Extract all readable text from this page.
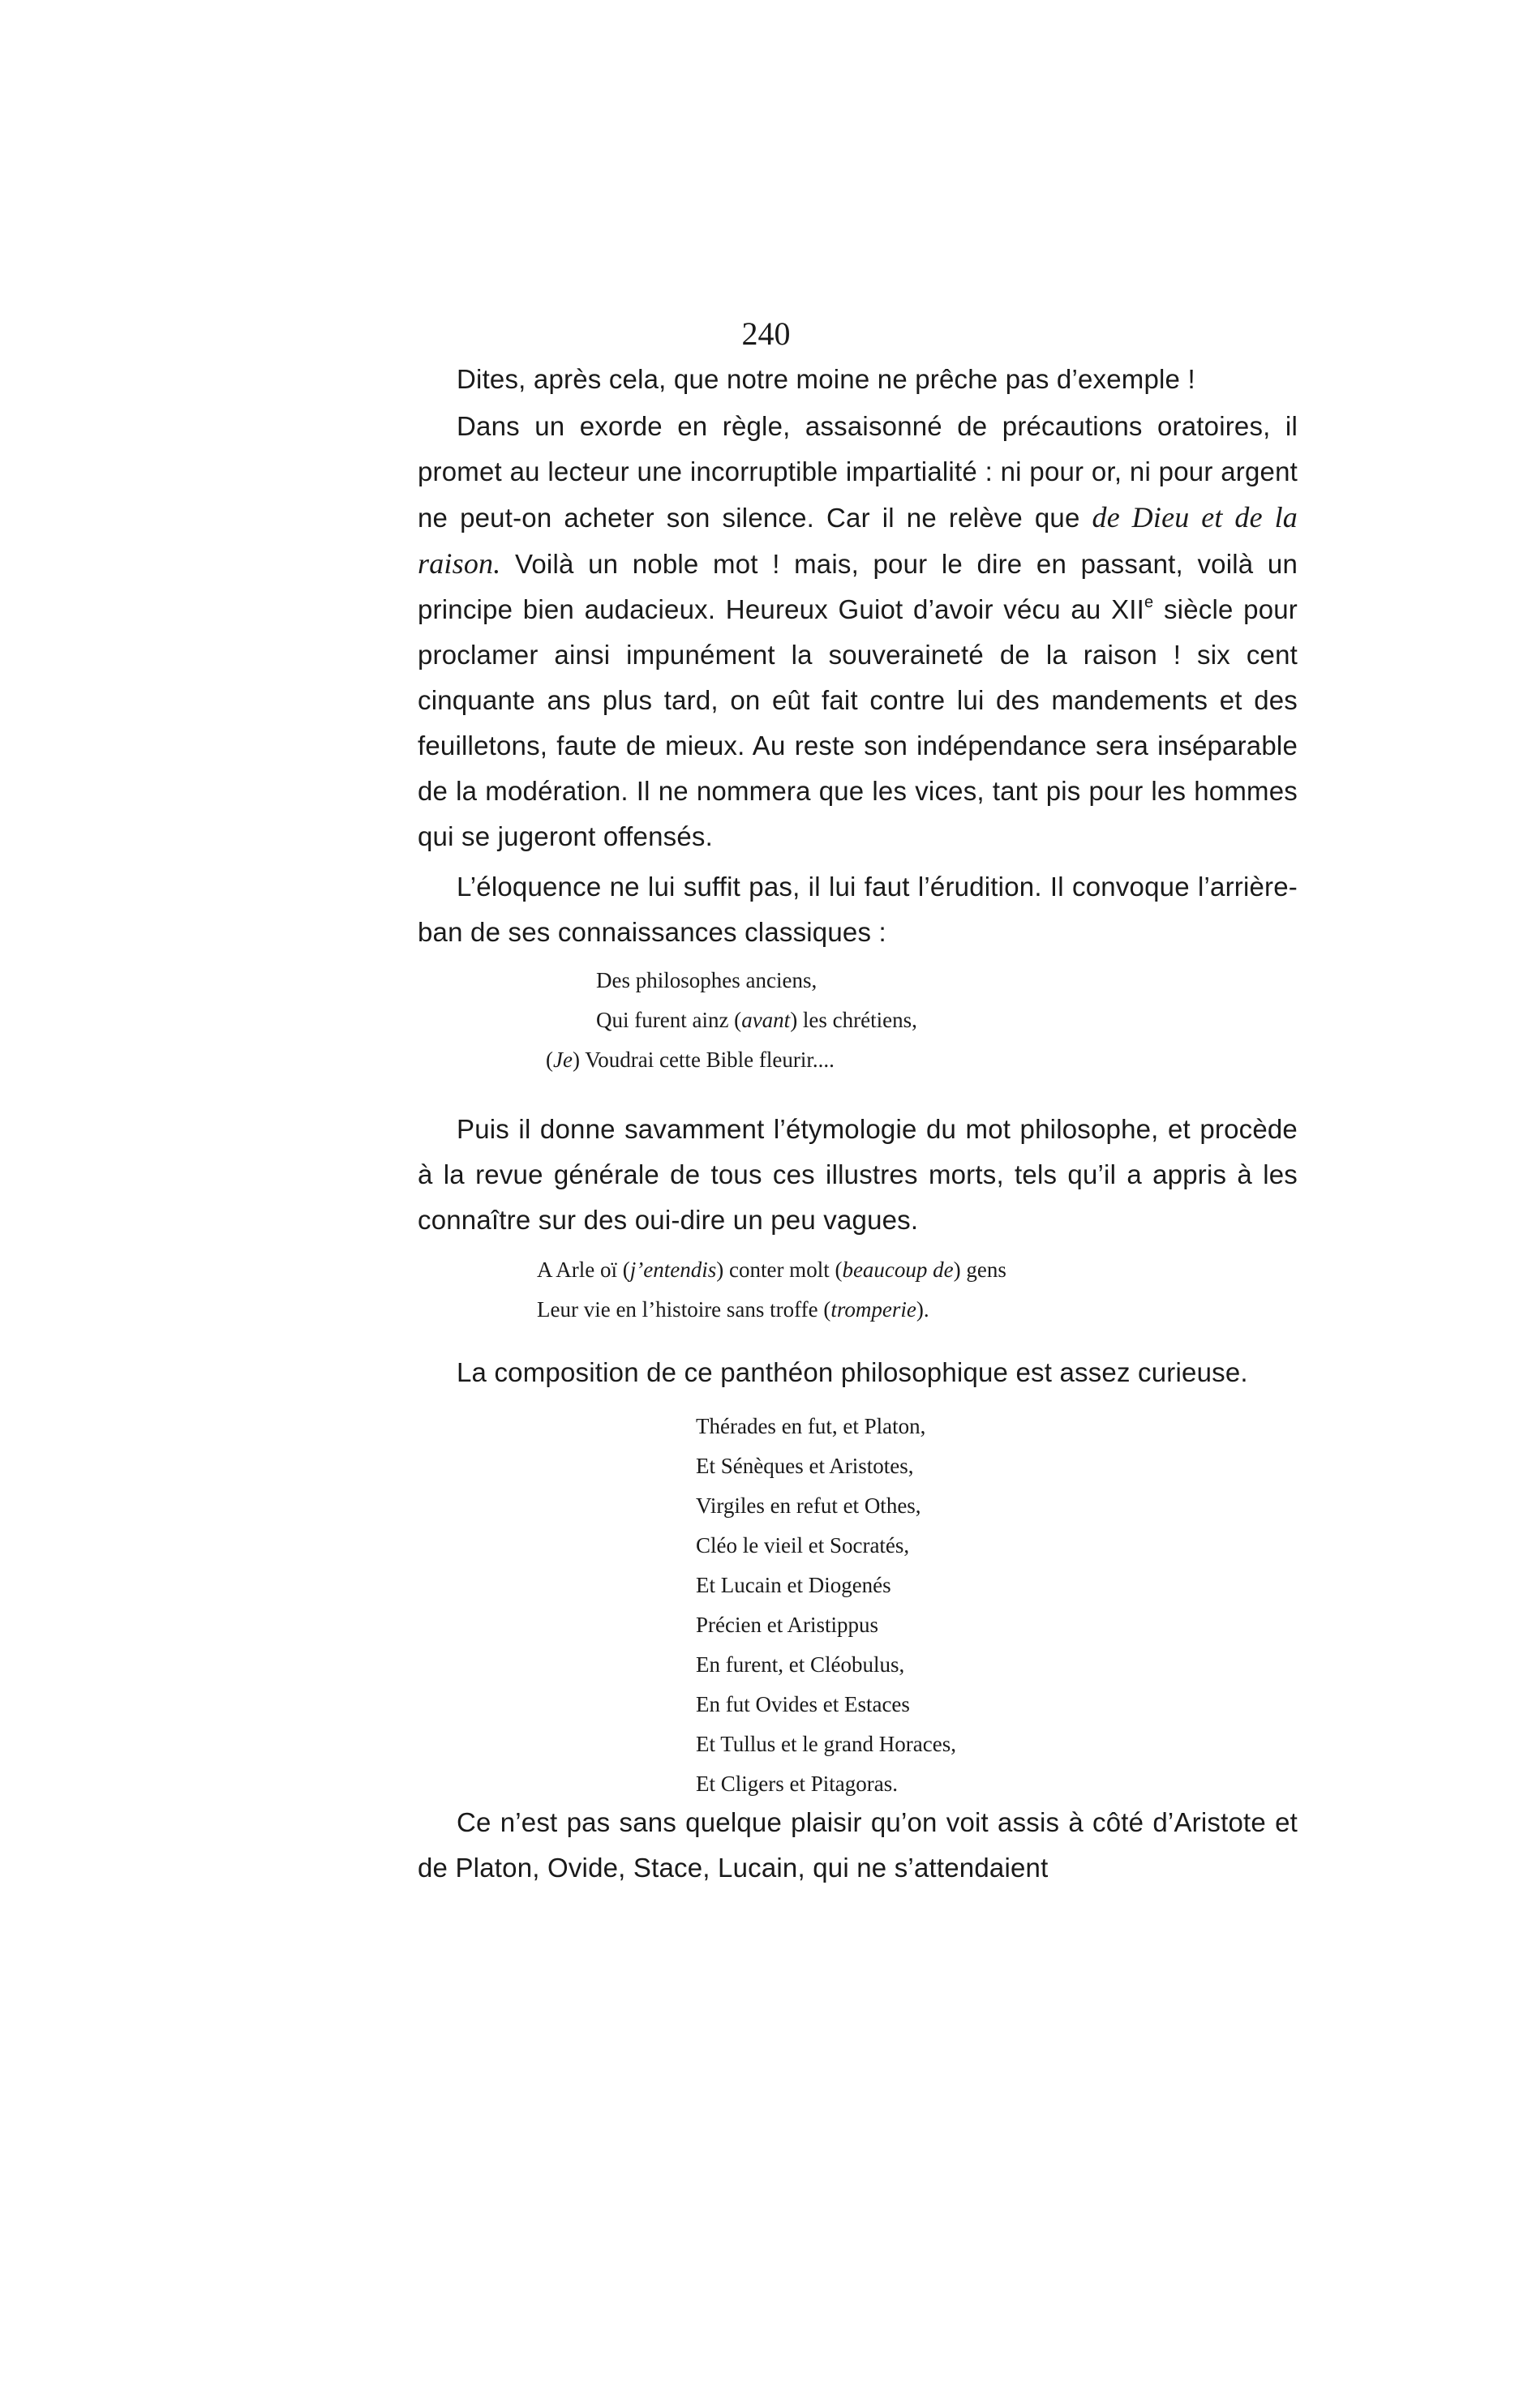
240

Dites, après cela, que notre moine ne prêche pas d’exemple !

Dans un exorde en règle, assaisonné de précautions oratoires, il promet au lecteur une incorruptible impartialité : ni pour or, ni pour argent ne peut-on acheter son silence. Car il ne relève que de Dieu et de la raison. Voilà un noble mot ! mais, pour le dire en passant, voilà un principe bien audacieux. Heureux Guiot d’avoir vécu au XIIe siècle pour proclamer ainsi impunément la souveraineté de la raison ! six cent cinquante ans plus tard, on eût fait contre lui des mandements et des feuilletons, faute de mieux. Au reste son indépendance sera inséparable de la modération. Il ne nommera que les vices, tant pis pour les hommes qui se jugeront offensés.

L’éloquence ne lui suffit pas, il lui faut l’érudition. Il convoque l’arrière-ban de ses connaissances classiques :

Des philosophes anciens,
Qui furent ainz (avant) les chrétiens,
(Je) Voudrai cette Bible fleurir....

Puis il donne savamment l’étymologie du mot philosophe, et procède à la revue générale de tous ces illustres morts, tels qu’il a appris à les connaître sur des oui-dire un peu vagues.

A Arle oï (j’entendis) conter molt (beaucoup de) gens
Leur vie en l’histoire sans troffe (tromperie).

La composition de ce panthéon philosophique est assez curieuse.

Thérades en fut, et Platon,
Et Sénèques et Aristotes,
Virgiles en refut et Othes,
Cléo le vieil et Socratés,
Et Lucain et Diogenés
Précien et Aristippus
En furent, et Cléobulus,
En fut Ovides et Estaces
Et Tullus et le grand Horaces,
Et Cligers et Pitagoras.

Ce n’est pas sans quelque plaisir qu’on voit assis à côté d’Aristote et de Platon, Ovide, Stace, Lucain, qui ne s’attendaient
